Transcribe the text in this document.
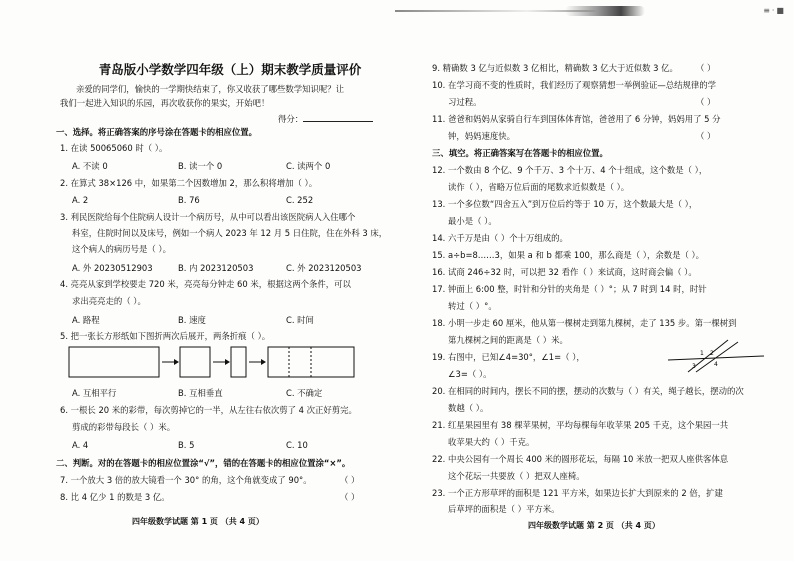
≡·■
青岛版小学数学四年级（上）期末教学质量评价
亲爱的同学们，愉快的一学期快结束了，你又收获了哪些数学知识呢？让
我们一起进入知识的乐园，再次收获你的果实，开始吧！
得分：
一、选择。将正确答案的序号涂在答题卡的相应位置。
1. 在读 50065060 时（ ）。
A. 不读 0	B. 读一个 0	C. 读两个 0
2. 在算式 38×126 中，如果第二个因数增加 2，那么积将增加（ ）。
A. 2	B. 76	C. 252
3. 利民医院给每个住院病人设计一个病历号，从中可以看出该医院病人入住哪个
科室，住院时间以及床号，例如一个病人 2023 年 12 月 5 日住院，住在外科 3 床，
这个病人的病历号是（ ）。
A. 外 20230512903	B. 内 2023120503	C. 外 2023120503
4. 亮亮从家到学校要走 720 米，亮亮每分钟走 60 米，根据这两个条件，可以
求出亮亮走的（ ）。
A. 路程	B. 速度	C. 时间
5. 把一张长方形纸如下图折两次后展开，两条折痕（ ）。
A. 互相平行	B. 互相垂直	C. 不确定
6. 一根长 20 米的彩带，每次剪掉它的一半，从左往右依次剪了 4 次正好剪完。
剪成的彩带每段长（ ）米。
A. 4	B. 5	C. 10
二、判断。对的在答题卡的相应位置涂“√”，错的在答题卡的相应位置涂“×”。
7. 一个放大 3 倍的放大镜看一个 30° 的角，这个角就变成了 90°。	（ ）
8. 比 4 亿少 1 的数是 3 亿。	（ ）
四年级数学试题 第 1 页 （共 4 页）
9. 精确数 3 亿与近似数 3 亿相比，精确数 3 亿大于近似数 3 亿。 （ ）
10. 在学习商不变的性质时，我们经历了观察猜想一举例验证—总结规律的学
习过程。	（ ）
11. 爸爸和妈妈从家骑自行车到国体体育馆，爸爸用了 6 分钟，妈妈用了 5 分
钟，妈妈速度快。	（ ）
三、填空。将正确答案写在答题卡的相应位置。
12. 一个数由 8 个亿、9 个千万、3 个十万、4 个十组成，这个数是（ ），
读作（ ），省略万位后面的尾数求近似数是（ ）。
13. 一个多位数“四舍五入”到万位后约等于 10 万，这个数最大是（ ），
最小是（ ）。
14. 六千万是由（ ）个十万组成的。
15. a÷b=8……3，如果 a 和 b 都乘 100，那么商是（ ），余数是（ ）。
16. 试商 246÷32 时，可以把 32 看作（ ）来试商，这时商会偏（ ）。
17. 钟面上 6:00 整，时针和分针的夹角是（ ）°；从 7 时到 14 时，时针
转过（ ）°。
18. 小明一步走 60 厘米，他从第一棵树走到第九棵树，走了 135 步。第一棵树到
第九棵树之间的距离是（ ）米。
19. 右图中，已知∠4=30°，∠1=（ ），
∠3=（ ）。
1 2
3	4
20. 在相同的时间内，摆长不同的摆，摆动的次数与（ ）有关，绳子越长，摆动的次
数越（ ）。
21. 红星果园里有 38 棵苹果树，平均每棵每年收苹果 205 千克，这个果园一共
收苹果大约（ ）千克。
22. 中央公园有一个周长 400 米的圆形花坛，每隔 10 米放一把双人座供客体息
这个花坛一共要放（ ）把双人座椅。
23. 一个正方形草坪的面积是 121 平方米，如果边长扩大到原来的 2 倍，扩建
后草坪的面积是（ ）平方米。
四年级数学试题 第 2 页 （共 4 页）
